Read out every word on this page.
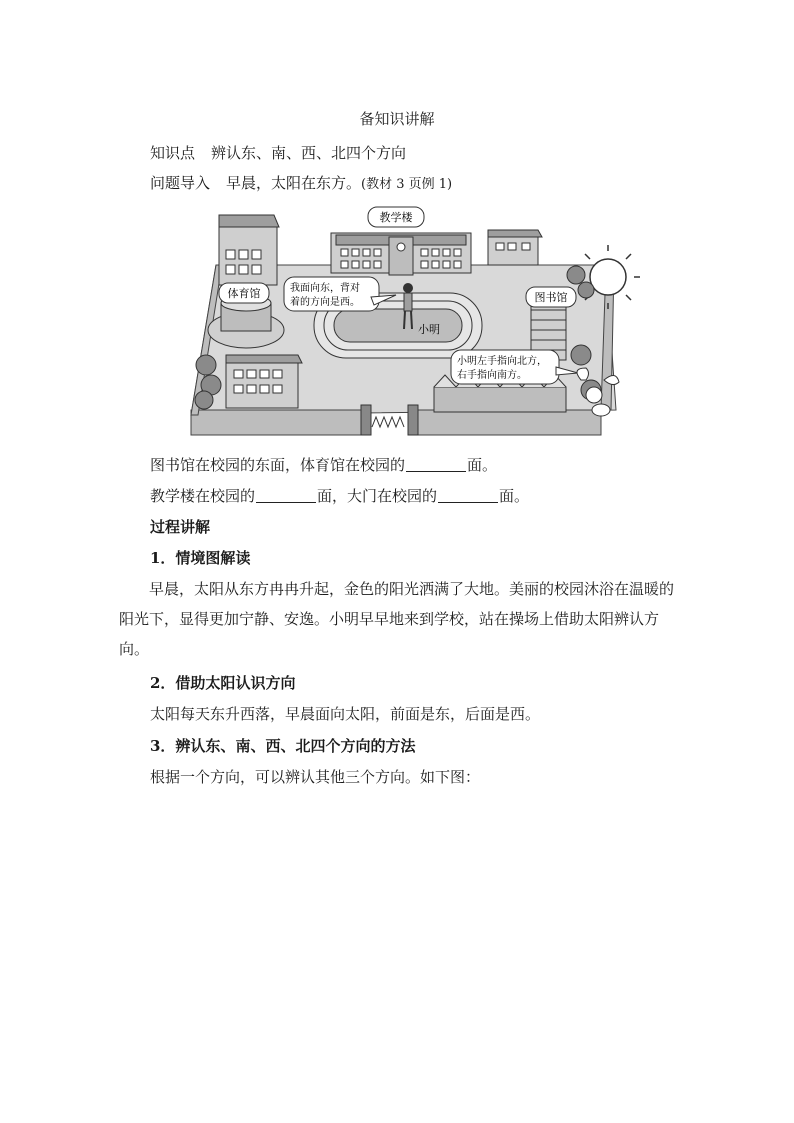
备知识讲解
知识点 辨认东、南、西、北四个方向
问题导入 早晨，太阳在东方。(教材 3 页例 1)
教学楼
图书馆
体育馆
小明
我面向东，背对
着的方向是西。
小明左手指向北方，
右手指向南方。
图书馆在校园的东面，体育馆在校园的	面。
教学楼在校园的	面，大门在校园的	面。
过程讲解
1．情境图解读
早晨，太阳从东方冉冉升起，金色的阳光洒满了大地。美丽的校园沐浴在温暖的阳光下，显得更加宁静、安逸。小明早早地来到学校，站在操场上借助太阳辨认方向。
2．借助太阳认识方向
太阳每天东升西落，早晨面向太阳，前面是东，后面是西。
3．辨认东、南、西、北四个方向的方法
根据一个方向，可以辨认其他三个方向。如下图：
